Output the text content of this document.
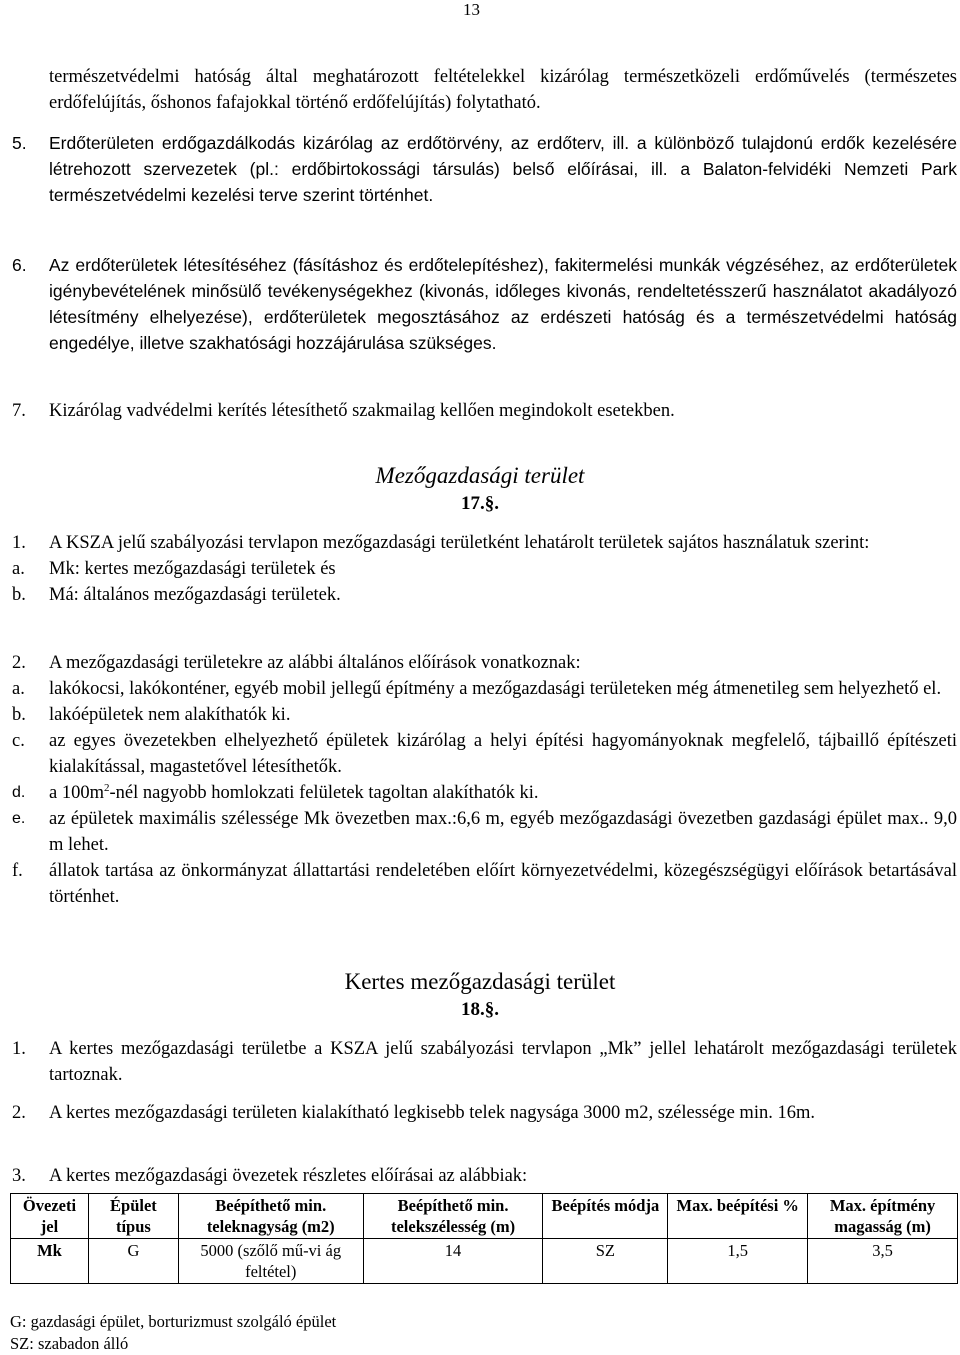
13
természetvédelmi hatóság által meghatározott feltételekkel kizárólag természetközeli erdőművelés (természetes erdőfelújítás, őshonos fafajokkal történő erdőfelújítás) folytatható.
5. Erdőterületen erdőgazdálkodás kizárólag az erdőtörvény, az erdőterv, ill. a különböző tulajdonú erdők kezelésére létrehozott szervezetek (pl.: erdőbirtokossági társulás) belső előírásai, ill. a Balaton-felvidéki Nemzeti Park természetvédelmi kezelési terve szerint történhet.
6. Az erdőterületek létesítéséhez (fásításhoz és erdőtelepítéshez), fakitermelési munkák végzéséhez, az erdőterületek igénybevételének minősülő tevékenységekhez (kivonás, időleges kivonás, rendeltetésszerű használatot akadályozó létesítmény elhelyezése), erdőterületek megosztásához az erdészeti hatóság és a természetvédelmi hatóság engedélye, illetve szakhatósági hozzájárulása szükséges.
7. Kizárólag vadvédelmi kerítés létesíthető szakmailag kellően megindokolt esetekben.
Mezőgazdasági terület
17.§.
1. A KSZA jelű szabályozási tervlapon mezőgazdasági területként lehatárolt területek sajátos használatuk szerint:
a. Mk: kertes mezőgazdasági területek és
b. Má: általános mezőgazdasági területek.
2. A mezőgazdasági területekre az alábbi általános előírások vonatkoznak:
a. lakókocsi, lakókonténer, egyéb mobil jellegű építmény a mezőgazdasági területeken még átmenetileg sem helyezhető el.
b. lakóépületek nem alakíthatók ki.
c. az egyes övezetekben elhelyezhető épületek kizárólag a helyi építési hagyományoknak megfelelő, tájbaillő építészeti kialakítással, magastetővel létesíthetők.
d. a $100m^2$-nél nagyobb homlokzati felületek tagoltan alakíthatók ki.
e. az épületek maximális szélessége Mk övezetben max.:6,6 m, egyéb mezőgazdasági övezetben gazdasági épület max.. 9,0 m lehet.
f. állatok tartása az önkormányzat állattartási rendeletében előírt környezetvédelmi, közegészségügyi előírások betartásával történhet.
Kertes mezőgazdasági terület
18.§.
1. A kertes mezőgazdasági területbe a KSZA jelű szabályozási tervlapon „Mk” jellel lehatárolt mezőgazdasági területek tartoznak.
2. A kertes mezőgazdasági területen kialakítható legkisebb telek nagysága 3000 m2, szélessége min. 16m.
3. A kertes mezőgazdasági övezetek részletes előírásai az alábbiak:
Övezeti jel	Épület típus	Beépíthető min. teleknagyság (m2)	Beépíthető min. telekszélesség (m)	Beépítés módja	Max. beépítési %	Max. építmény magasság (m)
Mk	G	5000 (szőlő mű-vi ág feltétel)	14	SZ	1,5	3,5
G: gazdasági épület, borturizmust szolgáló épület
SZ: szabadon álló
